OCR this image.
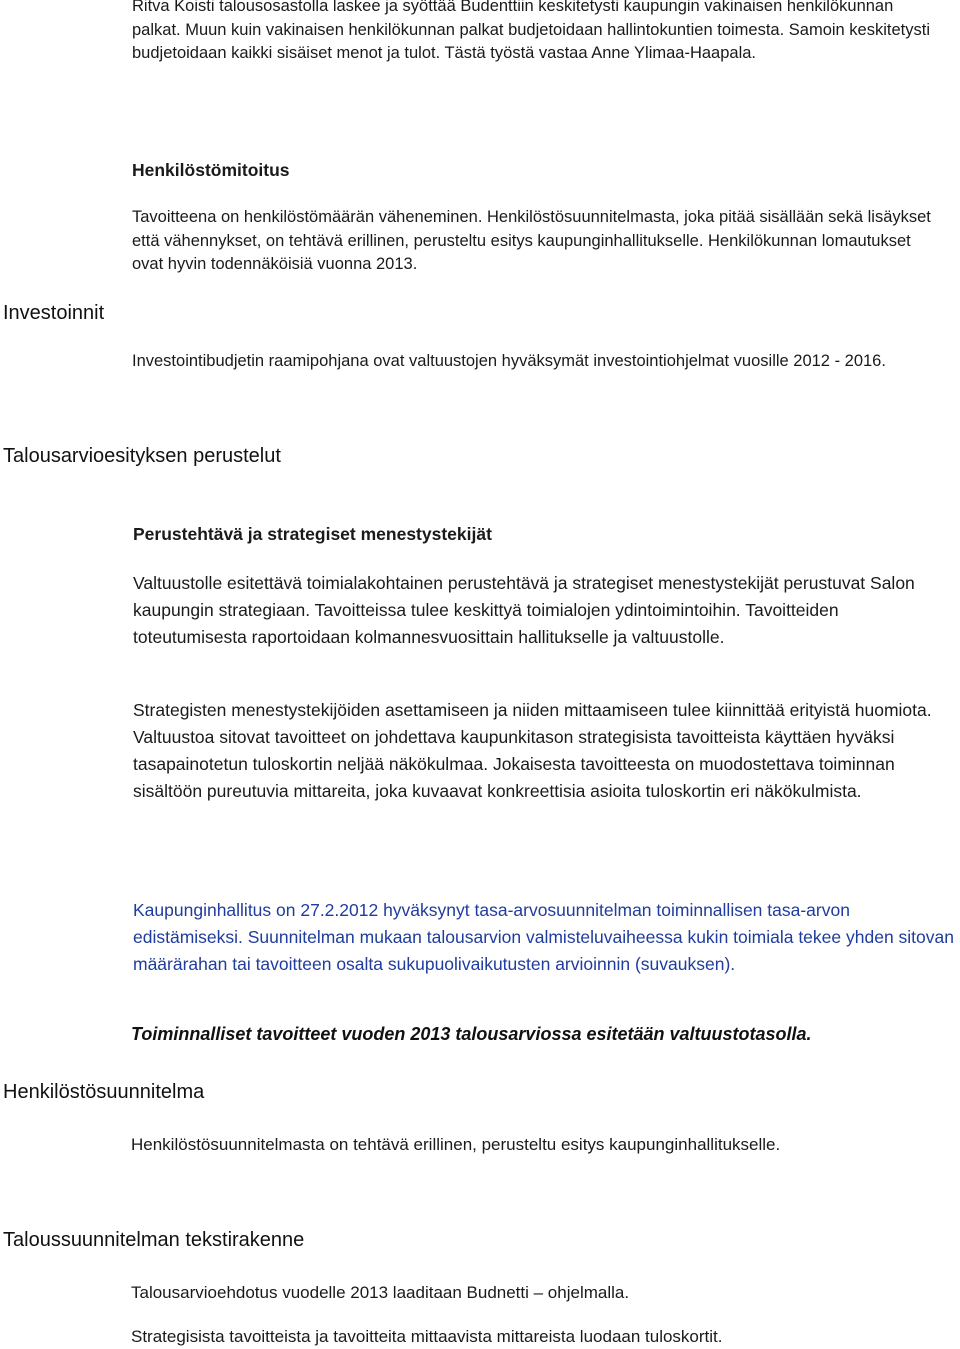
Ritva Koisti talousosastolla laskee ja syöttää Budenttiin keskitetysti kaupungin vakinaisen henkilökunnan palkat. Muun kuin vakinaisen henkilökunnan palkat budjetoidaan hallintokuntien toimesta. Samoin keskitetysti budjetoidaan kaikki sisäiset menot ja tulot. Tästä työstä vastaa Anne Ylimaa-Haapala.

Henkilöstömitoitus

Tavoitteena on henkilöstömäärän väheneminen. Henkilöstösuunnitelmasta, joka pitää sisällään sekä lisäykset että vähennykset, on tehtävä erillinen, perusteltu esitys kaupunginhallitukselle. Henkilökunnan lomautukset ovat hyvin todennäköisiä vuonna 2013.

Investoinnit

Investointibudjetin raamipohjana ovat valtuustojen hyväksymät investointiohjelmat vuosille 2012 - 2016.

Talousarvioesityksen perustelut
Perustehtävä ja strategiset menestystekijät

Valtuustolle esitettävä toimialakohtainen perustehtävä ja strategiset menestystekijät perustuvat Salon kaupungin strategiaan. Tavoitteissa tulee keskittyä toimialojen ydintoimintoihin. Tavoitteiden toteutumisesta raportoidaan kolmannesvuosittain hallitukselle ja valtuustolle.

Strategisten menestystekijöiden asettamiseen ja niiden mittaamiseen tulee kiinnittää erityistä huomiota. Valtuustoa sitovat tavoitteet on johdettava kaupunkitason strategisista tavoitteista käyttäen hyväksi tasapainotetun tuloskortin neljää näkökulmaa. Jokaisesta tavoitteesta on muodostettava toiminnan sisältöön pureutuvia mittareita, joka kuvaavat konkreettisia asioita tuloskortin eri näkökulmista.

Kaupunginhallitus on 27.2.2012 hyväksynyt tasa-arvosuunnitelman toiminnallisen tasa-arvon edistämiseksi. Suunnitelman mukaan talousarvion valmisteluvaiheessa kukin toimiala tekee yhden sitovan määrärahan tai tavoitteen osalta sukupuolivaikutusten arvioinnin (suvauksen).

Toiminnalliset tavoitteet vuoden 2013 talousarviossa esitetään valtuustotasolla.
Henkilöstösuunnitelma

Henkilöstösuunnitelmasta on tehtävä erillinen, perusteltu esitys kaupunginhallitukselle.

Taloussuunnitelman tekstirakenne

Talousarvioehdotus vuodelle 2013 laaditaan Budnetti – ohjelmalla.

Strategisista tavoitteista ja tavoitteita mittaavista mittareista luodaan tuloskortit.
